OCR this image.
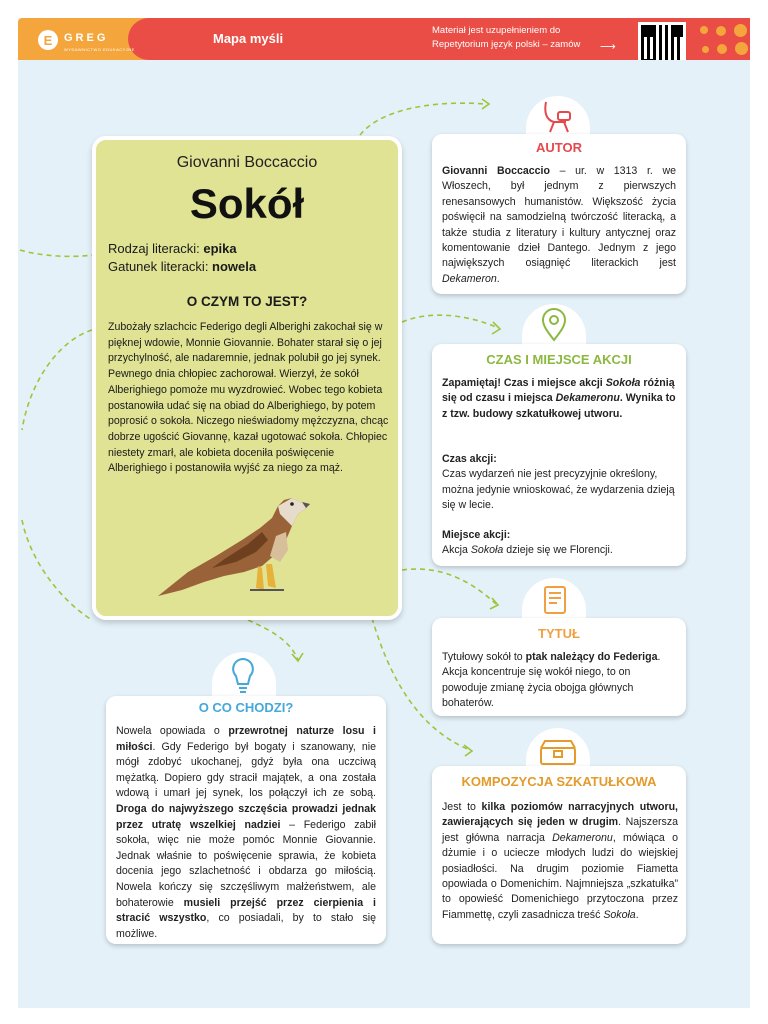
E	GREG
WYDAWNICTWO EDUKACYJNE
Mapa myśli
Materiał jest uzupełnieniem do
Repetytorium język polski – zamów	⟶
Giovanni Boccaccio
Sokół
Rodzaj literacki: epika
Gatunek literacki: nowela
O CZYM TO JEST?
Zubożały szlachcic Federigo degli Alberighi zakochał się w pięknej wdowie, Monnie Giovannie. Bohater starał się o jej przychylność, ale nadaremnie, jednak polubił go jej synek. Pewnego dnia chłopiec zachorował. Wierzył, że sokół Alberighiego pomoże mu wyzdrowieć. Wobec tego kobieta postanowiła udać się na obiad do Alberighiego, by potem poprosić o sokoła. Niczego nieświadomy mężczyzna, chcąc dobrze ugościć Giovannę, kazał ugotować sokoła. Chłopiec niestety zmarł, ale kobieta doceniła poświęcenie Alberighiego i postanowiła wyjść za niego za mąż.
AUTOR
Giovanni Boccaccio – ur. w 1313 r. we Włoszech, był jednym z pierwszych renesansowych humanistów. Większość życia poświęcił na samodzielną twórczość literacką, a także studia z literatury i kultury antycznej oraz komentowanie dzieł Dantego. Jednym z jego największych osiągnięć literackich jest Dekameron.
CZAS I MIEJSCE AKCJI
Zapamiętaj! Czas i miejsce akcji Sokoła różnią się od czasu i miejsca Dekameronu. Wynika to z tzw. budowy szkatułkowej utworu.
Czas akcji:
Czas wydarzeń nie jest precyzyjnie określony, można jedynie wnioskować, że wydarzenia dzieją się w lecie.
Miejsce akcji:
Akcja Sokoła dzieje się we Florencji.
TYTUŁ
Tytułowy sokół to ptak należący do Federiga. Akcja koncentruje się wokół niego, to on powoduje zmianę życia obojga głównych bohaterów.
KOMPOZYCJA SZKATUŁKOWA
Jest to kilka poziomów narracyjnych utworu, zawierających się jeden w drugim. Najszersza jest główna narracja Dekameronu, mówiąca o dżumie i o uciecze młodych ludzi do wiejskiej posiadłości. Na drugim poziomie Fiametta opowiada o Domenichim. Najmniejsza „szkatułka” to opowieść Domenichiego przytoczona przez Fiammettę, czyli zasadnicza treść Sokoła.
O CO CHODZI?
Nowela opowiada o przewrotnej naturze losu i miłości. Gdy Federigo był bogaty i szanowany, nie mógł zdobyć ukochanej, gdyż była ona uczciwą mężatką. Dopiero gdy stracił majątek, a ona została wdową i umarł jej synek, los połączył ich ze sobą. Droga do najwyższego szczęścia prowadzi jednak przez utratę wszelkiej nadziei – Federigo zabił sokoła, więc nie może pomóc Monnie Giovannie. Jednak właśnie to poświęcenie sprawia, że kobieta docenia jego szlachetność i obdarza go miłością. Nowela kończy się szczęśliwym małżeństwem, ale bohaterowie musieli przejść przez cierpienia i stracić wszystko, co posiadali, by to stało się możliwe.
